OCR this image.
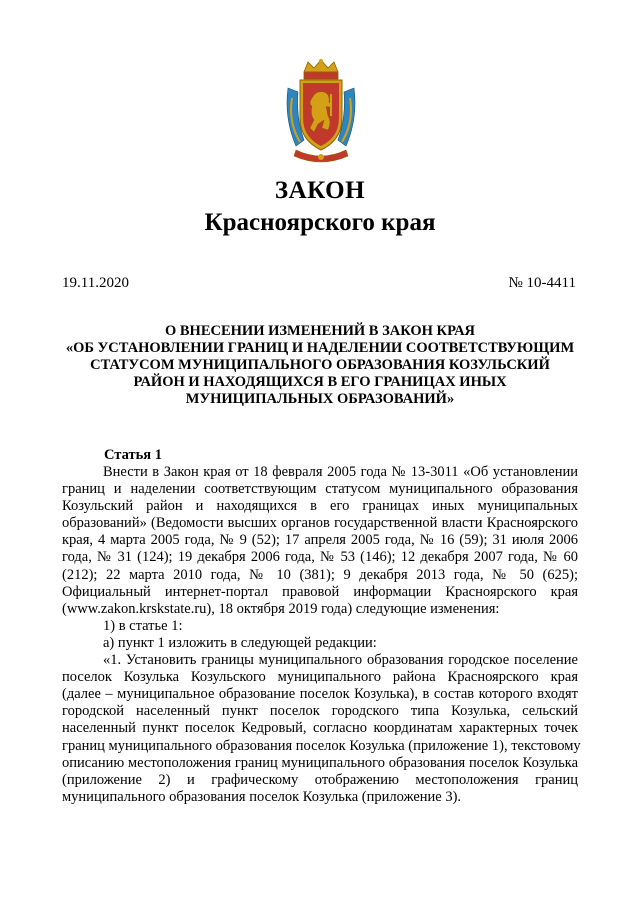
ЗАКОН
Красноярского края
19.11.2020	№ 10-4411
О ВНЕСЕНИИ ИЗМЕНЕНИЙ В ЗАКОН КРАЯ
«ОБ УСТАНОВЛЕНИИ ГРАНИЦ И НАДЕЛЕНИИ СООТВЕТСТВУЮЩИМ
СТАТУСОМ МУНИЦИПАЛЬНОГО ОБРАЗОВАНИЯ КОЗУЛЬСКИЙ
РАЙОН И НАХОДЯЩИХСЯ В ЕГО ГРАНИЦАХ ИНЫХ
МУНИЦИПАЛЬНЫХ ОБРАЗОВАНИЙ»
Статья 1
Внести в Закон края от 18 февраля 2005 года № 13-3011 «Об установлении
границ и наделении соответствующим статусом муниципального образования
Козульский район и находящихся в его границах иных муниципальных
образований» (Ведомости высших органов государственной власти Красноярского
края, 4 марта 2005 года, № 9 (52); 17 апреля 2005 года, № 16 (59); 31 июля 2006
года, № 31 (124); 19 декабря 2006 года, № 53 (146); 12 декабря 2007 года, № 60
(212); 22 марта 2010 года, № 10 (381); 9 декабря 2013 года, № 50 (625);
Официальный интернет-портал правовой информации Красноярского края
(www.zakon.krskstate.ru), 18 октября 2019 года) следующие изменения:
1) в статье 1:
а) пункт 1 изложить в следующей редакции:
«1. Установить границы муниципального образования городское поселение
поселок Козулька Козульского муниципального района Красноярского края
(далее – муниципальное образование поселок Козулька), в состав которого входят
городской населенный пункт поселок городского типа Козулька, сельский
населенный пункт поселок Кедровый, согласно координатам характерных точек
границ муниципального образования поселок Козулька (приложение 1), текстовому
описанию местоположения границ муниципального образования поселок Козулька
(приложение 2) и графическому отображению местоположения границ
муниципального образования поселок Козулька (приложение 3).
